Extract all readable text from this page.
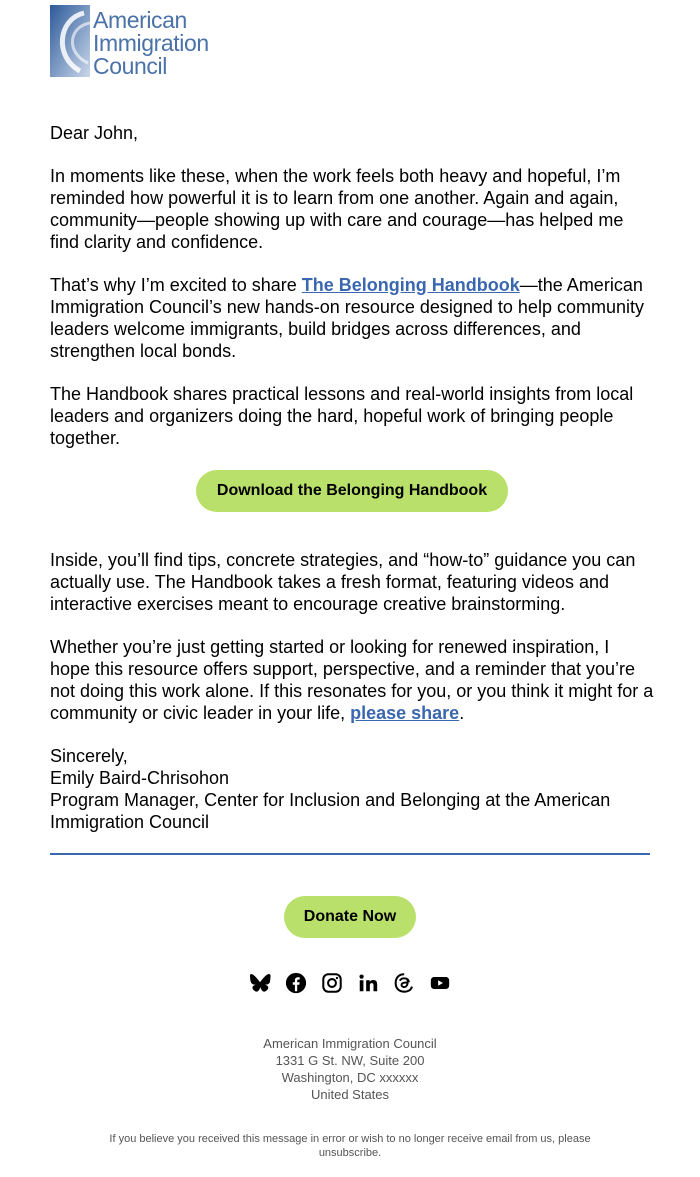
American
Immigration
Council

Dear John,

In moments like these, when the work feels both heavy and hopeful, I’m reminded how powerful it is to learn from one another. Again and again, community—people showing up with care and courage—has helped me find clarity and confidence.

That’s why I’m excited to share The Belonging Handbook—the American Immigration Council’s new hands-on resource designed to help community leaders welcome immigrants, build bridges across differences, and strengthen local bonds.

The Handbook shares practical lessons and real-world insights from local leaders and organizers doing the hard, hopeful work of bringing people together.

Download the Belonging Handbook

Inside, you’ll find tips, concrete strategies, and “how-to” guidance you can actually use. The Handbook takes a fresh format, featuring videos and interactive exercises meant to encourage creative brainstorming.

Whether you’re just getting started or looking for renewed inspiration, I hope this resource offers support, perspective, and a reminder that you’re not doing this work alone. If this resonates for you, or you think it might for a community or civic leader in your life, please share.

Sincerely,

Emily Baird-Chrisohon

Program Manager, Center for Inclusion and Belonging at the American Immigration Council

Donate Now
American Immigration Council
1331 G St. NW, Suite 200
Washington, DC xxxxxx
United States
If you believe you received this message in error or wish to no longer receive email from us, please unsubscribe.
